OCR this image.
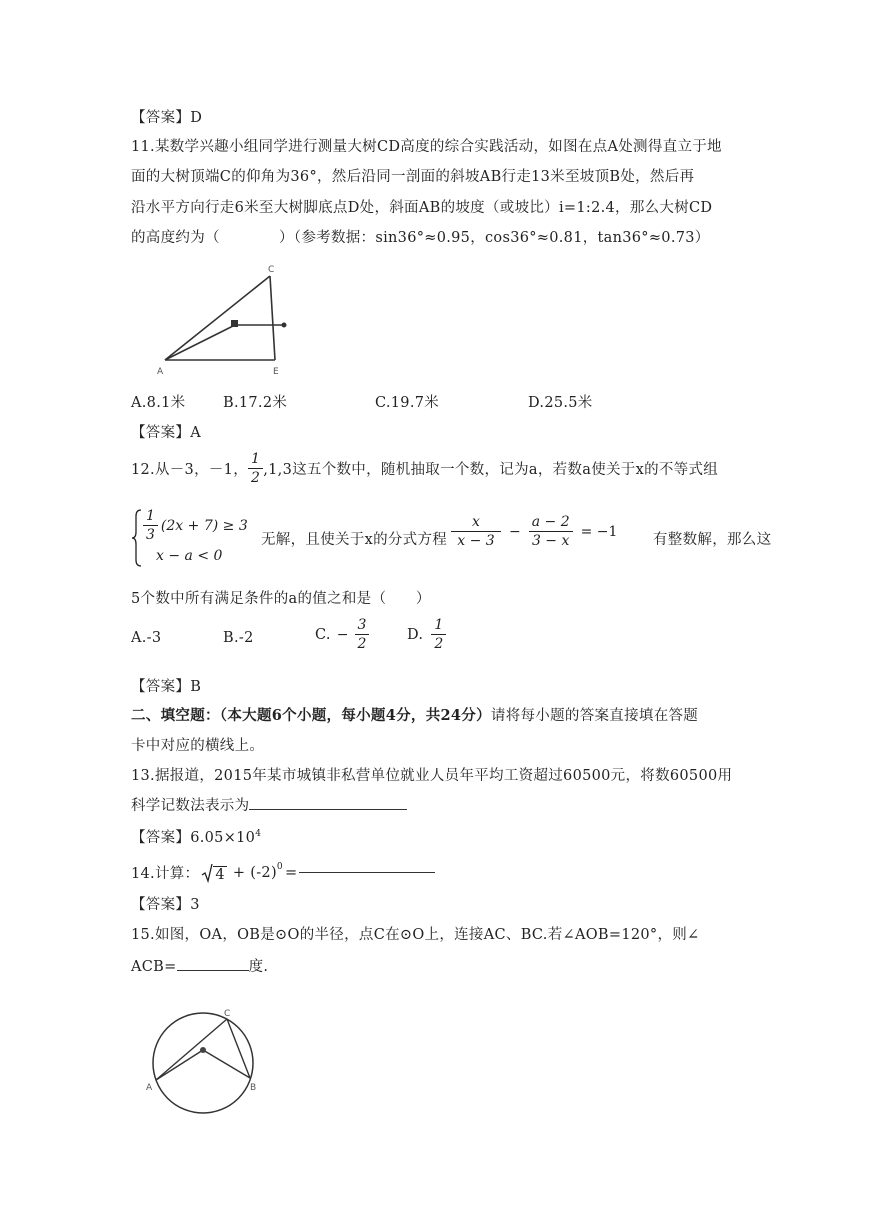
【答案】D
11.某数学兴趣小组同学进行测量大树CD高度的综合实践活动，如图在点A处测得直立于地
面的大树顶端C的仰角为36°，然后沿同一剖面的斜坡AB行走13米至坡顶B处，然后再
沿水平方向行走6米至大树脚底点D处，斜面AB的坡度（或坡比）i=1:2.4，那么大树CD
的高度约为（　　　　）（参考数据：sin36°≈0.95，cos36°≈0.81，tan36°≈0.73）
A
C
E
A.8.1米	B.17.2米	C.19.7米	D.25.5米
【答案】A
12.从－3，－1， $\frac{1}{2} ,1,3$这五个数中，随机抽取一个数，记为a，若数a使关于x的不等式组
$\frac{1}{3} (2x + 7) \ge 3$
x − a < 0
无解，且使关于x的分式方程 $\frac{x}{x - 3} - \frac{a - 2}{3 - x} = -1$
有整数解，那么这
5个数中所有满足条件的a的值之和是（　　）
A.-3	B.-2	C. − $\frac{3}{2}$	D. $\frac{1}{2}$
【答案】B
二、填空题：（本大题6个小题，每小题4分，共24分）请将每小题的答案直接填在答题
卡中对应的横线上。
13.据报道，2015年某市城镇非私营单位就业人员年平均工资超过60500元，将数60500用
科学记数法表示为
【答案】$6.05\times 10^4$
14.计算： $4 + (-2)^0$ =
【答案】3
15.如图，OA，OB是⊙O的半径，点C在⊙O上，连接AC、BC.若∠AOB=120°，则∠
ACB=	度.
A	B
C
